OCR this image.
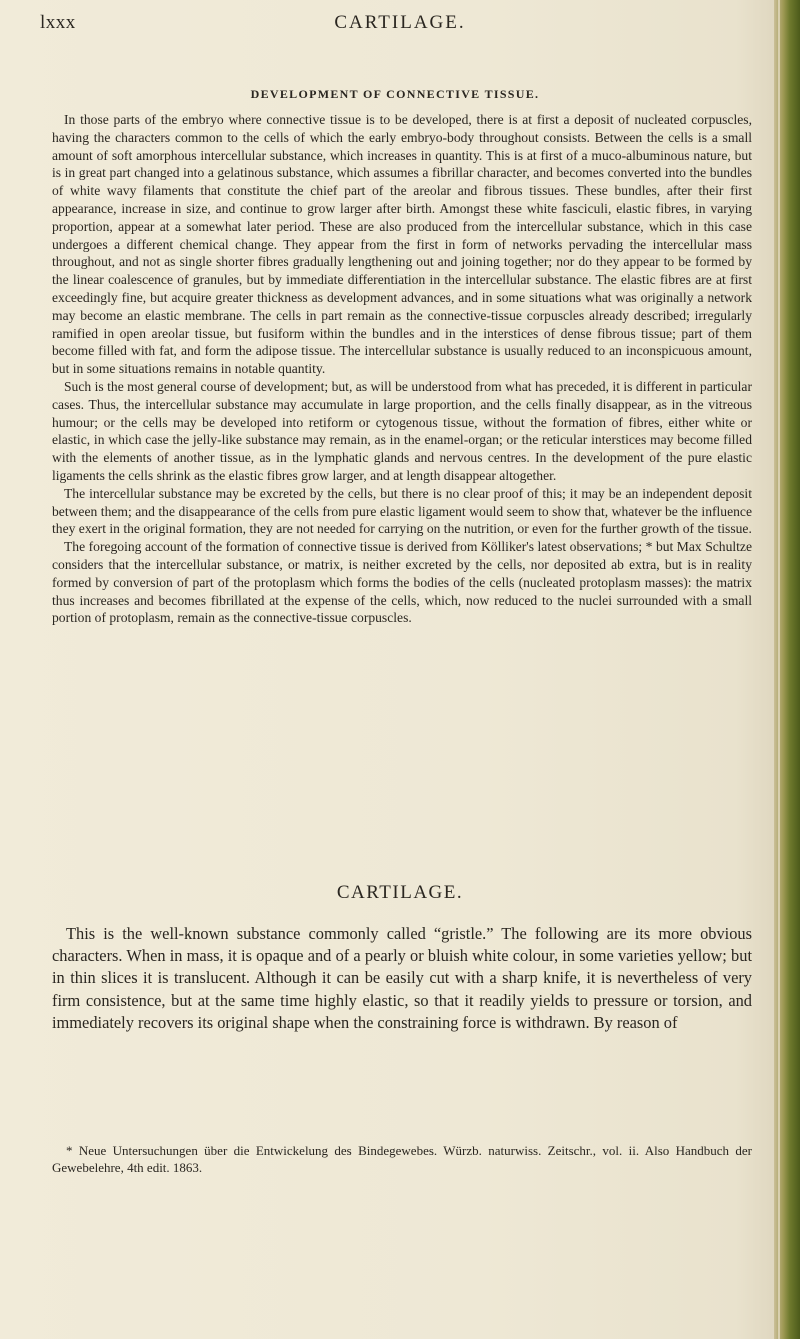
lxxx	CARTILAGE.
DEVELOPMENT OF CONNECTIVE TISSUE.

In those parts of the embryo where connective tissue is to be developed, there is at first a deposit of nucleated corpuscles, having the characters common to the cells of which the early embryo-body throughout consists. Between the cells is a small amount of soft amorphous intercellular substance, which increases in quantity. This is at first of a muco-albuminous nature, but is in great part changed into a gelatinous substance, which assumes a fibrillar character, and becomes converted into the bundles of white wavy filaments that constitute the chief part of the areolar and fibrous tissues. These bundles, after their first appearance, increase in size, and continue to grow larger after birth. Amongst these white fasciculi, elastic fibres, in varying proportion, appear at a somewhat later period. These are also produced from the intercellular substance, which in this case undergoes a different chemical change. They appear from the first in form of networks pervading the intercellular mass throughout, and not as single shorter fibres gradually lengthening out and joining together; nor do they appear to be formed by the linear coalescence of granules, but by immediate differentiation in the intercellular substance. The elastic fibres are at first exceedingly fine, but acquire greater thickness as development advances, and in some situations what was originally a network may become an elastic membrane. The cells in part remain as the connective-tissue corpuscles already described; irregularly ramified in open areolar tissue, but fusiform within the bundles and in the interstices of dense fibrous tissue; part of them become filled with fat, and form the adipose tissue. The intercellular substance is usually reduced to an inconspicuous amount, but in some situations remains in notable quantity.

Such is the most general course of development; but, as will be understood from what has preceded, it is different in particular cases. Thus, the intercellular substance may accumulate in large proportion, and the cells finally disappear, as in the vitreous humour; or the cells may be developed into retiform or cytogenous tissue, without the formation of fibres, either white or elastic, in which case the jelly-like substance may remain, as in the enamel-organ; or the reticular interstices may become filled with the elements of another tissue, as in the lymphatic glands and nervous centres. In the development of the pure elastic ligaments the cells shrink as the elastic fibres grow larger, and at length disappear altogether.

The intercellular substance may be excreted by the cells, but there is no clear proof of this; it may be an independent deposit between them; and the disappearance of the cells from pure elastic ligament would seem to show that, whatever be the influence they exert in the original formation, they are not needed for carrying on the nutrition, or even for the further growth of the tissue.

The foregoing account of the formation of connective tissue is derived from Kölliker's latest observations; * but Max Schultze considers that the intercellular substance, or matrix, is neither excreted by the cells, nor deposited ab extra, but is in reality formed by conversion of part of the protoplasm which forms the bodies of the cells (nucleated protoplasm masses): the matrix thus increases and becomes fibrillated at the expense of the cells, which, now reduced to the nuclei surrounded with a small portion of protoplasm, remain as the connective-tissue corpuscles.

CARTILAGE.

This is the well-known substance commonly called “gristle.” The following are its more obvious characters. When in mass, it is opaque and of a pearly or bluish white colour, in some varieties yellow; but in thin slices it is translucent. Although it can be easily cut with a sharp knife, it is nevertheless of very firm consistence, but at the same time highly elastic, so that it readily yields to pressure or torsion, and immediately recovers its original shape when the constraining force is withdrawn. By reason of

* Neue Untersuchungen über die Entwickelung des Bindegewebes. Würzb. naturwiss. Zeitschr., vol. ii. Also Handbuch der Gewebelehre, 4th edit. 1863.
